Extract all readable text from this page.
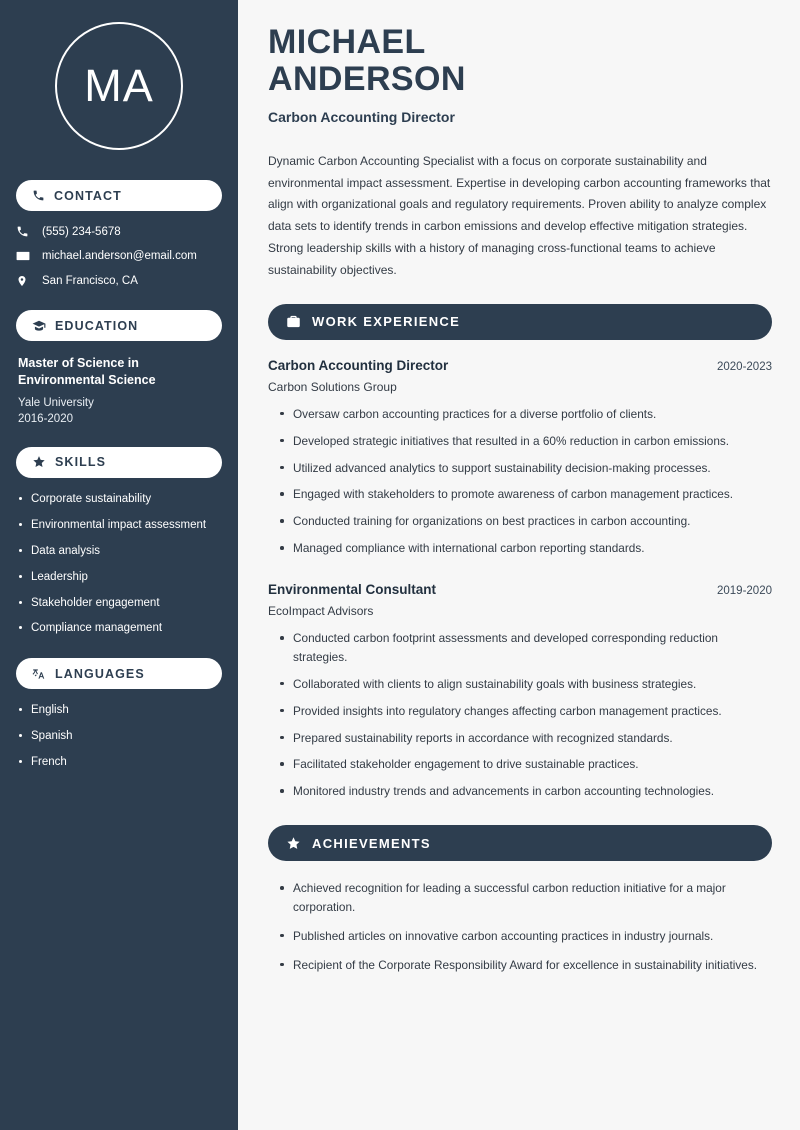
MA
CONTACT
(555) 234-5678
michael.anderson@email.com
San Francisco, CA
EDUCATION
Master of Science in Environmental Science
Yale University
2016-2020
SKILLS
Corporate sustainability
Environmental impact assessment
Data analysis
Leadership
Stakeholder engagement
Compliance management
LANGUAGES
English
Spanish
French
MICHAEL
ANDERSON
Carbon Accounting Director
Dynamic Carbon Accounting Specialist with a focus on corporate sustainability and environmental impact assessment. Expertise in developing carbon accounting frameworks that align with organizational goals and regulatory requirements. Proven ability to analyze complex data sets to identify trends in carbon emissions and develop effective mitigation strategies. Strong leadership skills with a history of managing cross-functional teams to achieve sustainability objectives.
WORK EXPERIENCE
Carbon Accounting Director	2020-2023
Carbon Solutions Group
Oversaw carbon accounting practices for a diverse portfolio of clients.
Developed strategic initiatives that resulted in a 60% reduction in carbon emissions.
Utilized advanced analytics to support sustainability decision-making processes.
Engaged with stakeholders to promote awareness of carbon management practices.
Conducted training for organizations on best practices in carbon accounting.
Managed compliance with international carbon reporting standards.
Environmental Consultant	2019-2020
EcoImpact Advisors
Conducted carbon footprint assessments and developed corresponding reduction strategies.
Collaborated with clients to align sustainability goals with business strategies.
Provided insights into regulatory changes affecting carbon management practices.
Prepared sustainability reports in accordance with recognized standards.
Facilitated stakeholder engagement to drive sustainable practices.
Monitored industry trends and advancements in carbon accounting technologies.
ACHIEVEMENTS
Achieved recognition for leading a successful carbon reduction initiative for a major corporation.
Published articles on innovative carbon accounting practices in industry journals.
Recipient of the Corporate Responsibility Award for excellence in sustainability initiatives.
